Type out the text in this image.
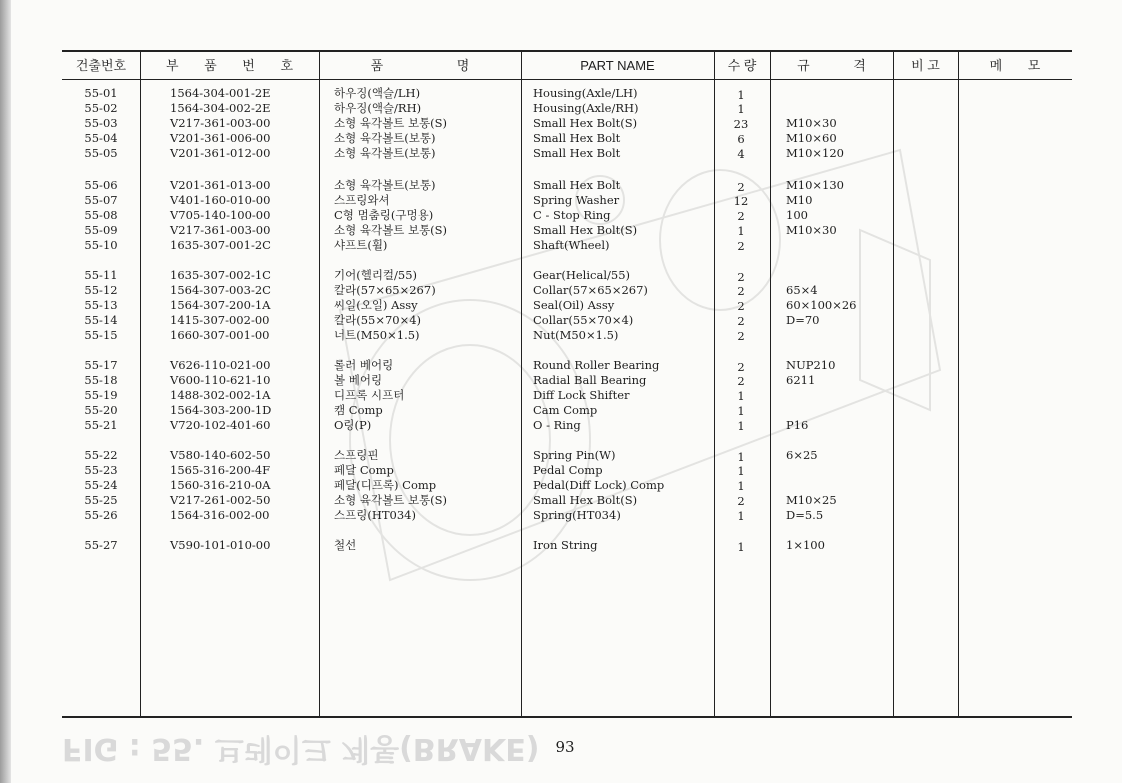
FIG : 55. 브레이크 계통(BRAKE)
건출번호	부 품 번 호	품 명	PART NAME	수 량	규 격	비 고	메 모
55-01	1564-304-001-2E	하우징(액슬/LH)	Housing(Axle/LH)	1
55-02	1564-304-002-2E	하우징(액슬/RH)	Housing(Axle/RH)	1
55-03	V217-361-003-00	소형 육각볼트 보통(S)	Small Hex Bolt(S)	23	M10×30
55-04	V201-361-006-00	소형 육각볼트(보통)	Small Hex Bolt	6	M10×60
55-05	V201-361-012-00	소형 육각볼트(보통)	Small Hex Bolt	4	M10×120
55-06	V201-361-013-00	소형 육각볼트(보통)	Small Hex Bolt	2	M10×130
55-07	V401-160-010-00	스프링와셔	Spring Washer	12	M10
55-08	V705-140-100-00	C형 멈춤링(구멍용)	C - Stop Ring	2	100
55-09	V217-361-003-00	소형 육각볼트 보통(S)	Small Hex Bolt(S)	1	M10×30
55-10	1635-307-001-2C	샤프트(휠)	Shaft(Wheel)	2
55-11	1635-307-002-1C	기어(헬리컬/55)	Gear(Helical/55)	2
55-12	1564-307-003-2C	칼라(57×65×267)	Collar(57×65×267)	2	65×4
55-13	1564-307-200-1A	씨일(오일) Assy	Seal(Oil) Assy	2	60×100×26
55-14	1415-307-002-00	칼라(55×70×4)	Collar(55×70×4)	2	D=70
55-15	1660-307-001-00	너트(M50×1.5)	Nut(M50×1.5)	2
55-17	V626-110-021-00	롤러 베어링	Round Roller Bearing	2	NUP210
55-18	V600-110-621-10	볼 베어링	Radial Ball Bearing	2	6211
55-19	1488-302-002-1A	디프록 시프터	Diff Lock Shifter	1
55-20	1564-303-200-1D	캠 Comp	Cam Comp	1
55-21	V720-102-401-60	O링(P)	O - Ring	1	P16
55-22	V580-140-602-50	스프링핀	Spring Pin(W)	1	6×25
55-23	1565-316-200-4F	페달 Comp	Pedal Comp	1
55-24	1560-316-210-0A	페달(디프록) Comp	Pedal(Diff Lock) Comp	1
55-25	V217-261-002-50	소형 육각볼트 보통(S)	Small Hex Bolt(S)	2	M10×25
55-26	1564-316-002-00	스프링(HT034)	Spring(HT034)	1	D=5.5
55-27	V590-101-010-00	철선	Iron String	1	1×100
93
